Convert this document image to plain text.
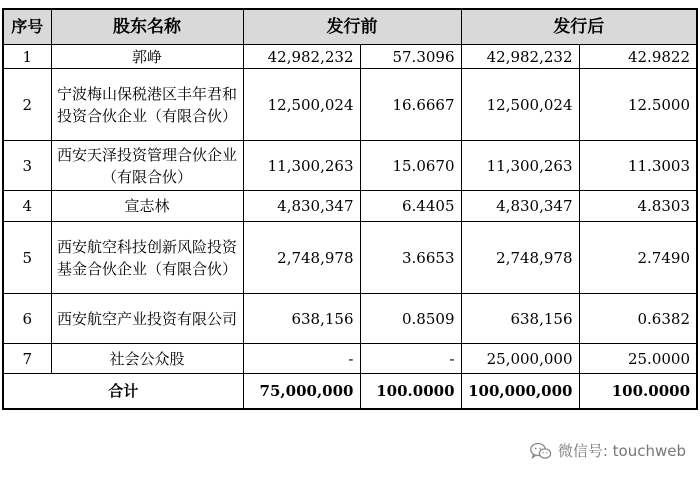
序号	股东名称	发行前		发行后	
1	郭峥	42,982,232	57.3096	42,982,232	42.9822
2	宁波梅山保税港区丰年君和投资合伙企业（有限合伙）	12,500,024	16.6667	12,500,024	12.5000
3	西安天泽投资管理合伙企业（有限合伙）	11,300,263	15.0670	11,300,263	11.3003
4	宣志林	4,830,347	6.4405	4,830,347	4.8303
5	西安航空科技创新风险投资基金合伙企业（有限合伙）	2,748,978	3.6653	2,748,978	2.7490
6	西安航空产业投资有限公司	638,156	0.8509	638,156	0.6382
7	社会公众股	-	-	25,000,000	25.0000
合计		75,000,000	100.0000	100,000,000	100.0000
微信号: touchweb
